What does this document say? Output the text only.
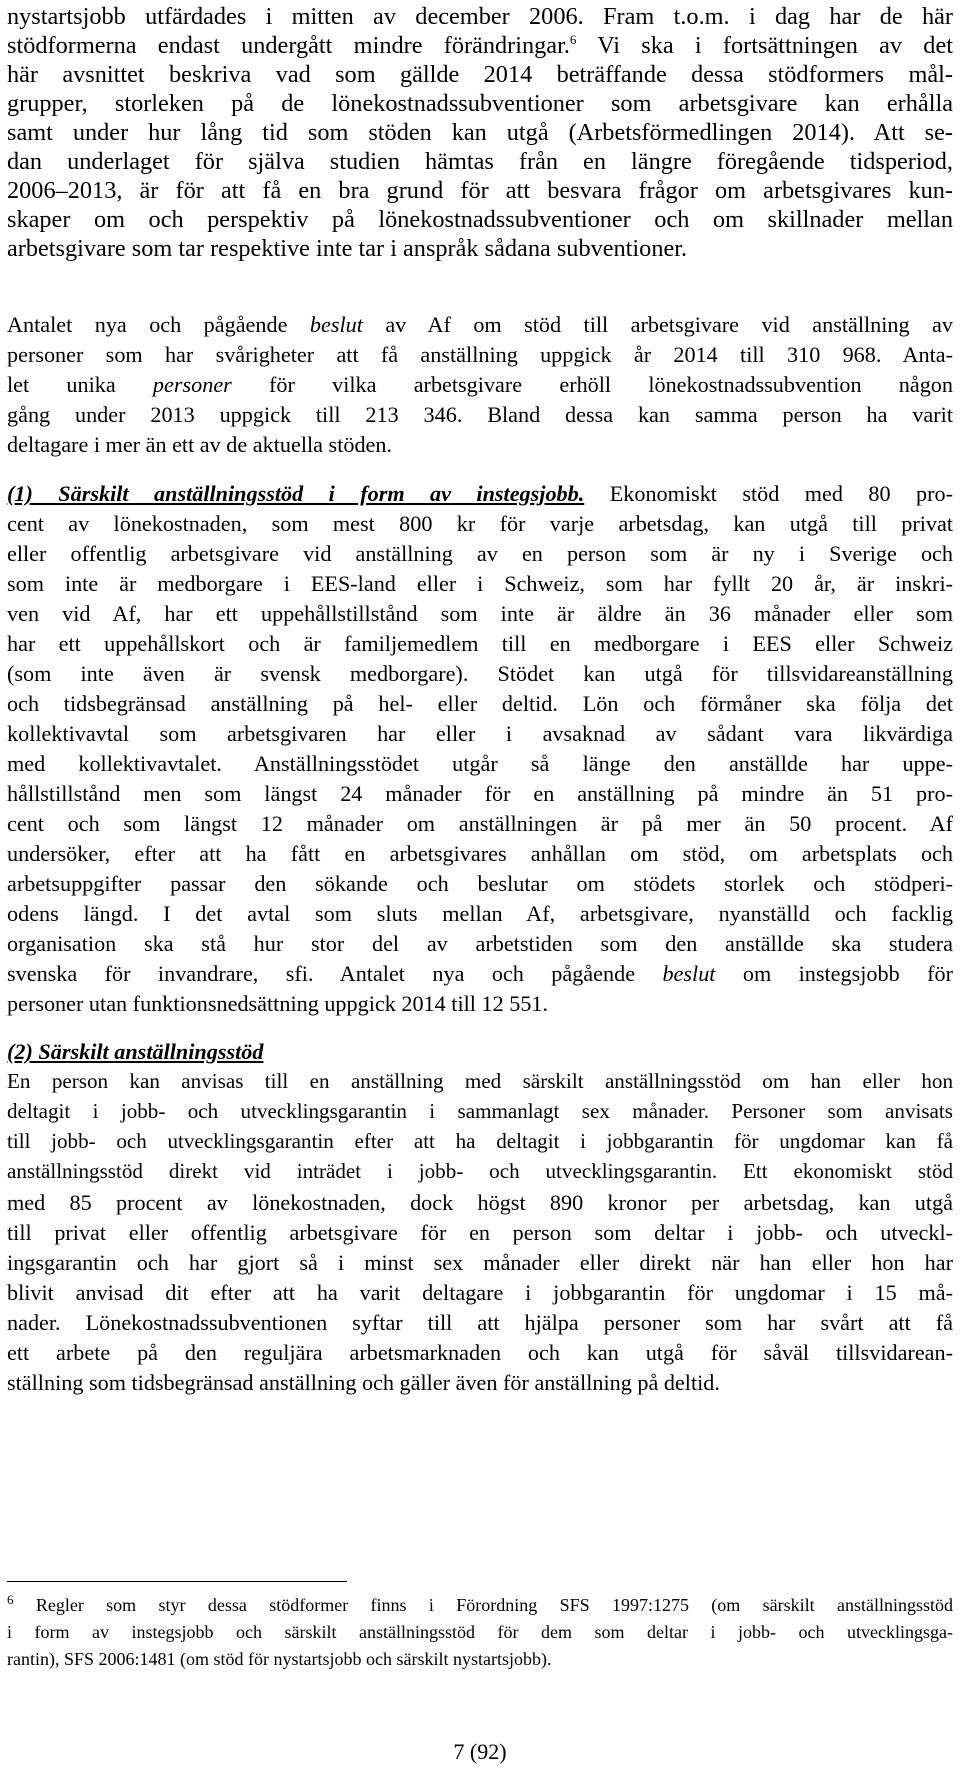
nystartsjobb utfärdades i mitten av december 2006. Fram t.o.m. i dag har de här
stödformerna endast undergått mindre förändringar.$^6$ Vi ska i fortsättningen av det
här avsnittet beskriva vad som gällde 2014 beträffande dessa stödformers mål-
grupper, storleken på de lönekostnadssubventioner som arbetsgivare kan erhålla
samt under hur lång tid som stöden kan utgå (Arbetsförmedlingen 2014). Att se-
dan underlaget för själva studien hämtas från en längre föregående tidsperiod,
2006–2013, är för att få en bra grund för att besvara frågor om arbetsgivares kun-
skaper om och perspektiv på lönekostnadssubventioner och om skillnader mellan
arbetsgivare som tar respektive inte tar i anspråk sådana subventioner.
Antalet nya och pågående beslut av Af om stöd till arbetsgivare vid anställning av
personer som har svårigheter att få anställning uppgick år 2014 till 310 968. Anta-
let unika personer för vilka arbetsgivare erhöll lönekostnadssubvention någon
gång under 2013 uppgick till 213 346. Bland dessa kan samma person ha varit
deltagare i mer än ett av de aktuella stöden.
(1) Särskilt anställningsstöd i form av instegsjobb. Ekonomiskt stöd med 80 pro-
cent av lönekostnaden, som mest 800 kr för varje arbetsdag, kan utgå till privat
eller offentlig arbetsgivare vid anställning av en person som är ny i Sverige och
som inte är medborgare i EES-land eller i Schweiz, som har fyllt 20 år, är inskri-
ven vid Af, har ett uppehållstillstånd som inte är äldre än 36 månader eller som
har ett uppehållskort och är familjemedlem till en medborgare i EES eller Schweiz
(som inte även är svensk medborgare). Stödet kan utgå för tillsvidareanställning
och tidsbegränsad anställning på hel- eller deltid. Lön och förmåner ska följa det
kollektivavtal som arbetsgivaren har eller i avsaknad av sådant vara likvärdiga
med kollektivavtalet. Anställningsstödet utgår så länge den anställde har uppe-
hållstillstånd men som längst 24 månader för en anställning på mindre än 51 pro-
cent och som längst 12 månader om anställningen är på mer än 50 procent. Af
undersöker, efter att ha fått en arbetsgivares anhållan om stöd, om arbetsplats och
arbetsuppgifter passar den sökande och beslutar om stödets storlek och stödperi-
odens längd. I det avtal som sluts mellan Af, arbetsgivare, nyanställd och facklig
organisation ska stå hur stor del av arbetstiden som den anställde ska studera
svenska för invandrare, sfi. Antalet nya och pågående beslut om instegsjobb för
personer utan funktionsnedsättning uppgick 2014 till 12 551.
(2) Särskilt anställningsstöd
En person kan anvisas till en anställning med särskilt anställningsstöd om han eller hon
deltagit i jobb- och utvecklingsgarantin i sammanlagt sex månader. Personer som anvisats
till jobb- och utvecklingsgarantin efter att ha deltagit i jobbgarantin för ungdomar kan få
anställningsstöd direkt vid inträdet i jobb- och utvecklingsgarantin. Ett ekonomiskt stöd
med 85 procent av lönekostnaden, dock högst 890 kronor per arbetsdag, kan utgå
till privat eller offentlig arbetsgivare för en person som deltar i jobb- och utveckl-
ingsgarantin och har gjort så i minst sex månader eller direkt när han eller hon har
blivit anvisad dit efter att ha varit deltagare i jobbgarantin för ungdomar i 15 må-
nader. Lönekostnadssubventionen syftar till att hjälpa personer som har svårt att få
ett arbete på den reguljära arbetsmarknaden och kan utgå för såväl tillsvidarean-
ställning som tidsbegränsad anställning och gäller även för anställning på deltid.
$^6$ Regler som styr dessa stödformer finns i Förordning SFS 1997:1275 (om särskilt anställningsstöd
i form av instegsjobb och särskilt anställningsstöd för dem som deltar i jobb- och utvecklingsga-
rantin), SFS 2006:1481 (om stöd för nystartsjobb och särskilt nystartsjobb).
7 (92)
